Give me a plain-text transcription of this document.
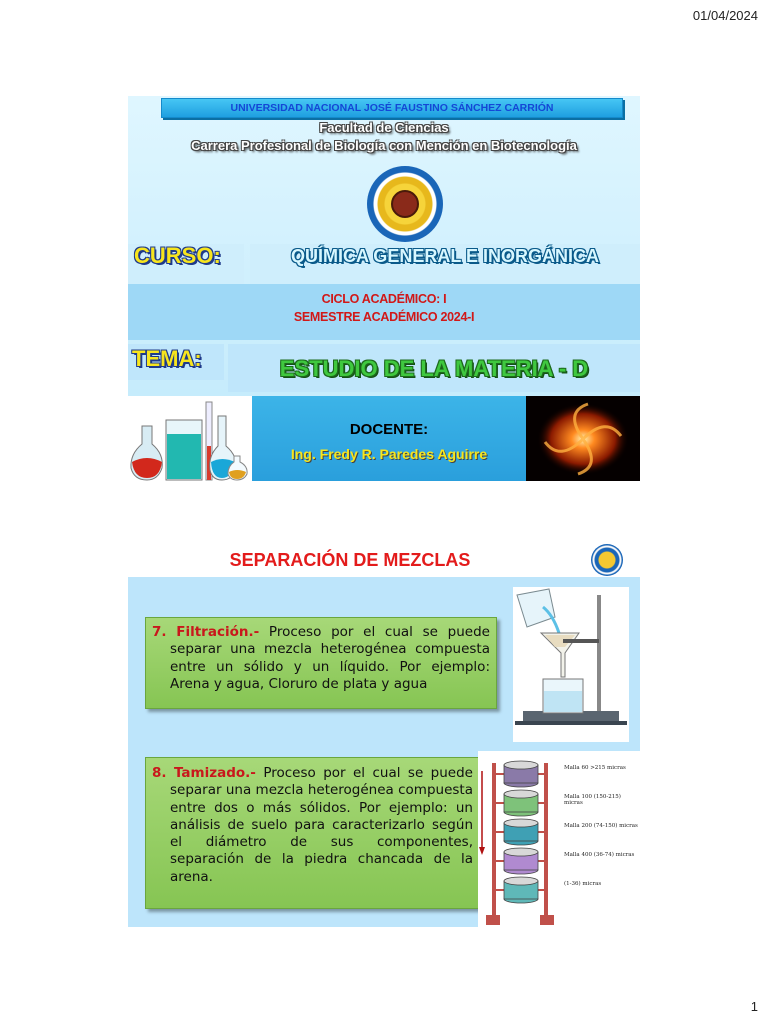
01/04/2024
UNIVERSIDAD NACIONAL JOSÉ FAUSTINO SÁNCHEZ CARRIÓN
Facultad de Ciencias
Carrera Profesional de Biología con Mención en Biotecnología
CURSO:	QUÍMICA GENERAL E INORGÁNICA
CICLO ACADÉMICO: I
SEMESTRE ACADÉMICO 2024-I
TEMA:	ESTUDIO DE LA MATERIA - D
DOCENTE:
Ing. Fredy R. Paredes Aguirre
SEPARACIÓN DE MEZCLAS
7. Filtración.- Proceso por el cual se puede separar una mezcla heterogénea compuesta entre un sólido y un líquido. Por ejemplo: Arena y agua, Cloruro de plata y agua
8. Tamizado.- Proceso por el cual se puede separar una mezcla heterogénea compuesta entre dos o más sólidos. Por ejemplo: un análisis de suelo para caracterizarlo según el diámetro de sus componentes, separación de la piedra chancada de la arena.
Malla 60 >215 micras
Malla 100 (150-215) micras
Malla 200 (74-150) micras
Malla 400 (36-74) micras
(1-36) micras
1
